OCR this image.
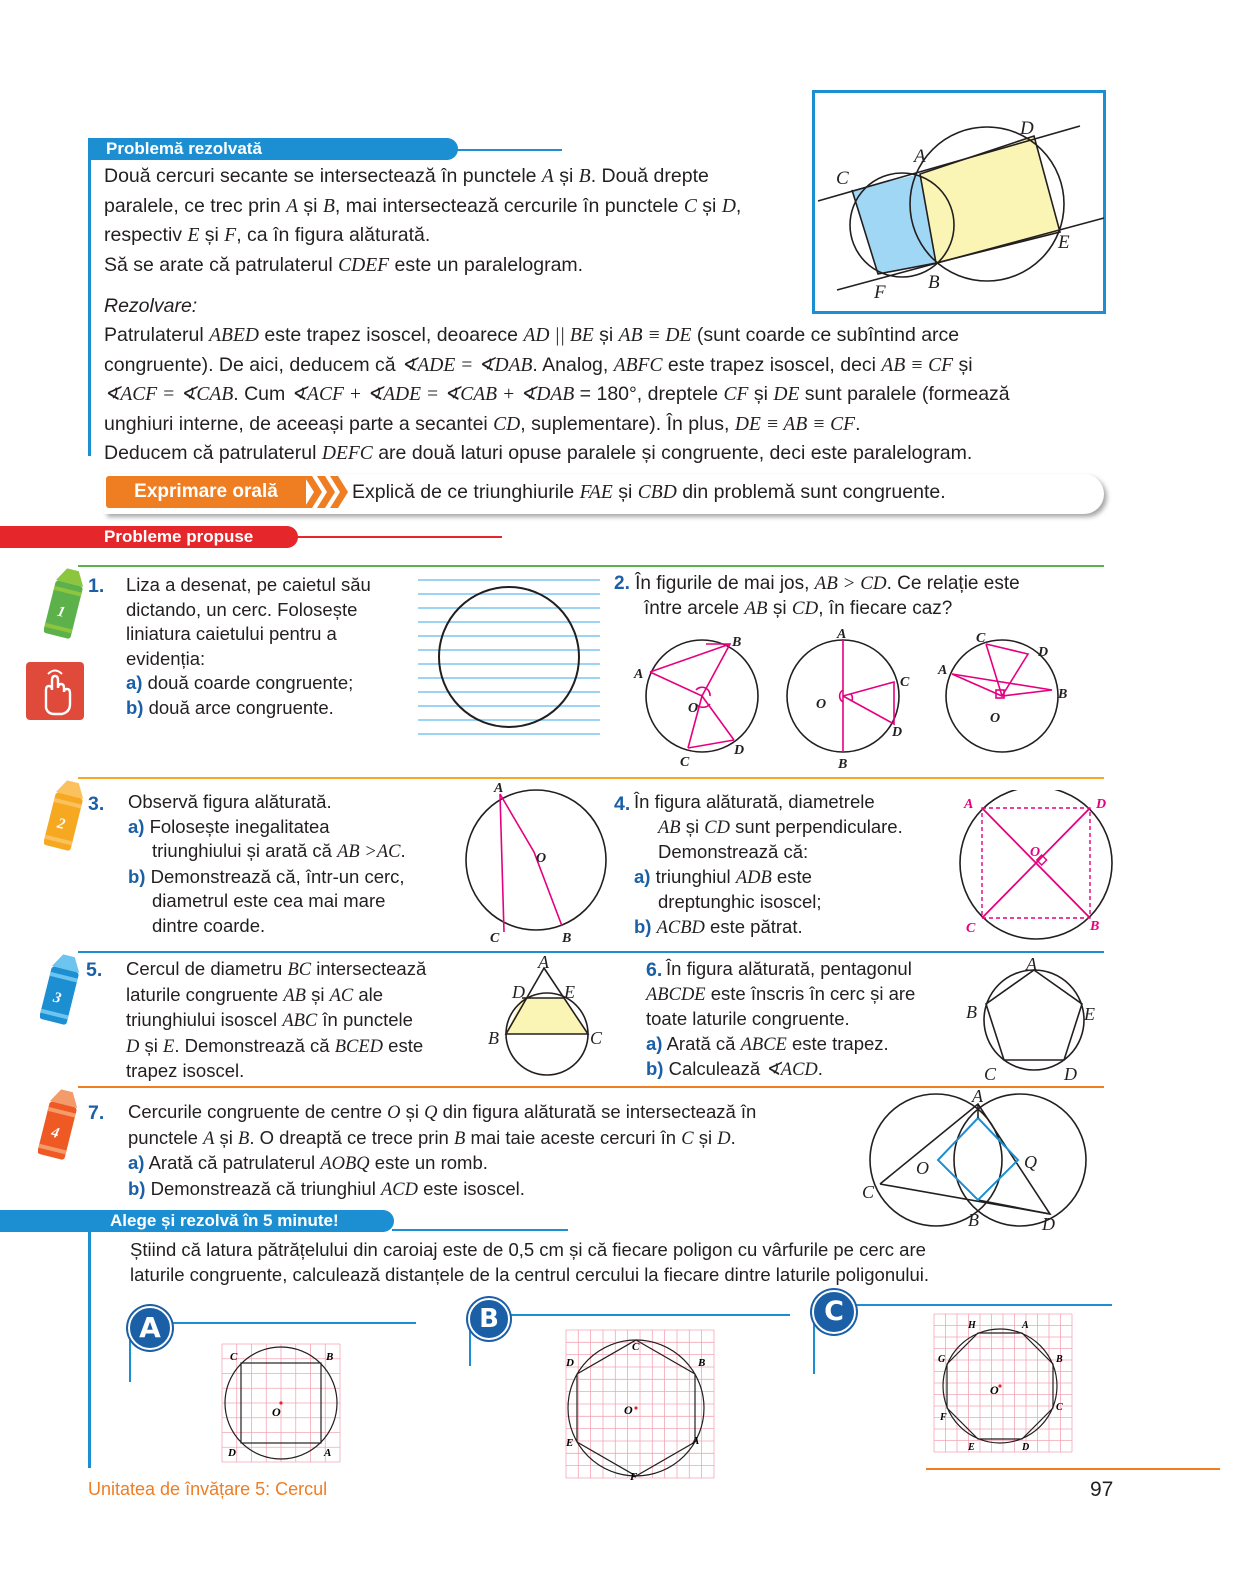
Problemă rezolvată
Două cercuri secante se intersectează în punctele A și B. Două drepte
paralele, ce trec prin A și B, mai intersectează cercurile în punctele C și D,
respectiv E și F, ca în figura alăturată.
Să se arate că patrulaterul CDEF este un paralelogram.
Rezolvare:
Patrulaterul ABED este trapez isoscel, deoarece AD || BE și AB ≡ DE (sunt coarde ce subîntind arce
congruente). De aici, deducem că ∢ADE = ∢DAB. Analog, ABFC este trapez isoscel, deci AB ≡ CF și
∢ACF = ∢CAB. Cum ∢ACF + ∢ADE = ∢CAB + ∢DAB = 180°, dreptele CF și DE sunt paralele (formează
unghiuri interne, de aceeași parte a secantei CD, suplementare). În plus, DE ≡ AB ≡ CF.
Deducem că patrulaterul DEFC are două laturi opuse paralele și congruente, deci este paralelogram.
A
B
C
D
E
F
Exprimare orală	Explică de ce triunghiurile FAE și CBD din problemă sunt congruente.
Probleme propuse
1
2
3
4
1.	Liza a desenat, pe caietul său
dictando, un cerc. Folosește
liniatura caietului pentru a
evidenția:
a) două coarde congruente;
b) două arce congruente.
2. În figurile de mai jos, AB > CD. Ce relație este
între arcele AB și CD, în fiecare caz?
A
B
C
D
O
A
B
C
D
O
A
B
C
D
O
3. Observă figura alăturată.
a) Folosește inegalitatea
triunghiului și arată că AB >AC.
b) Demonstrează că, într-un cerc,
diametrul este cea mai mare
dintre coarde.
A
C	B
O
4. În figura alăturată, diametrele
AB și CD sunt perpendiculare.
Demonstrează că:
a) triunghiul ADB este
dreptunghic isoscel;
b) ACBD este pătrat.
A	D
C	B
O
5. Cercul de diametru BC intersectează
laturile congruente AB și AC ale
triunghiului isoscel ABC în punctele
D și E. Demonstrează că BCED este
trapez isoscel.
A
B	C
D E
6. În figura alăturată, pentagonul
ABCDE este înscris în cerc și are
toate laturile congruente.
a) Arată că ABCE este trapez.
b) Calculează ∢ACD.
A
B
C	D
E
7. Cercurile congruente de centre O și Q din figura alăturată se intersectează în
punctele A și B. O dreaptă ce trece prin B mai taie aceste cercuri în C și D.
a) Arată că patrulaterul AOBQ este un romb.
b) Demonstrează că triunghiul ACD este isoscel.
A
B
C
D
O	Q
Alege și rezolvă în 5 minute!
Știind că latura pătrățelului din caroiaj este de 0,5 cm și că fiecare poligon cu vârfurile pe cerc are
laturile congruente, calculează distanțele de la centrul cercului la fiecare dintre laturile poligonului.
A
C	B
D	A
O
B
C
B
D
E	A
F
O
C	H	A
G	B
F
C
E	D
O
Unitatea de învățare 5: Cercul	97
